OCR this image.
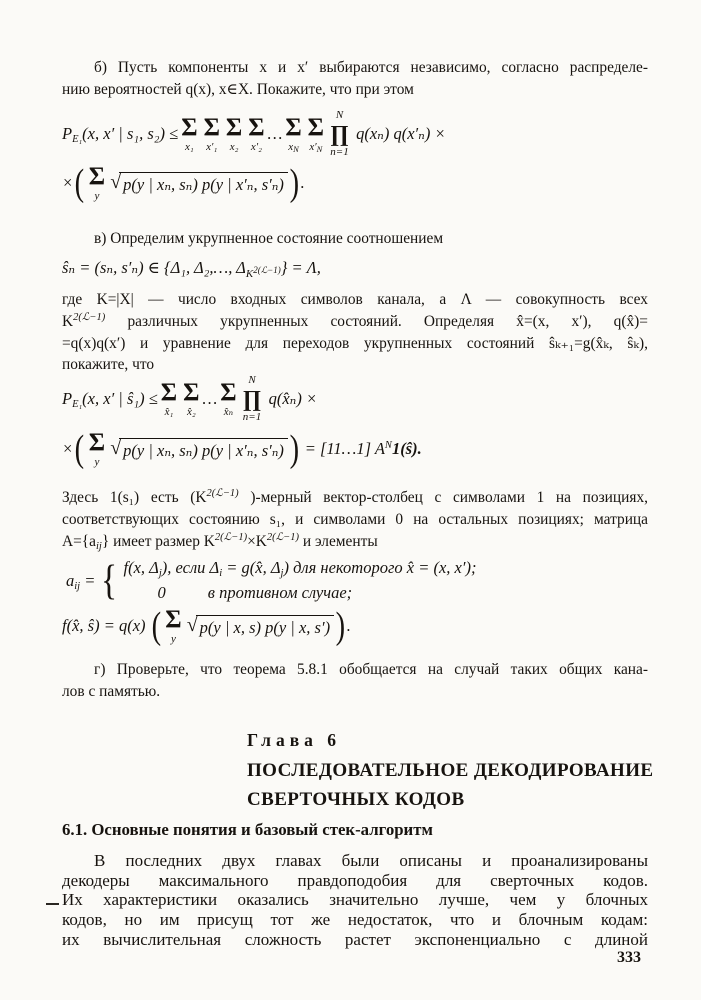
б) Пусть компоненты x и x′ выбираются независимо, согласно распределе-
нию вероятностей q(x), x∈X. Покажите, что при этом
$P_{E_1}(x$, x′ | s₁, s₂) ≤ Σ
x₁
Σ
x′₁
Σ
x₂
Σ
x′₂
… Σ
$x_N$
Σ
$x'_N$
N
∏
n=1
q(xₙ) q(x′ₙ) ×
× ( Σ
y
√ p(y | xₙ, sₙ) p(y | x′ₙ, s′ₙ) ) .
в) Определим укрупненное состояние соотношением
ŝₙ = (sₙ, s′ₙ) ∈ {Δ₁, Δ₂,…, $\Delta_{K^{2(ℒ-1)}}\} = \Lambda$,
где K=|X| — число входных символов канала, а Λ — совокупность всех
$K^{2(ℒ-1)}$ различных укрупненных состояний. Определяя x̂=(x, x′), q(x̂)=
=q(x)q(x′) и уравнение для переходов укрупненных состояний ŝₖ₊₁=g(x̂ₖ, ŝₖ),
покажите, что
$P_{E_1}(x$, x′ | ŝ₁) ≤ Σ
x̂₁
Σ
x̂₂
… Σ
x̂ₙ
N
∏
n=1
q(x̂ₙ) ×
× ( Σ
y
√ p(y | xₙ, sₙ) p(y | x′ₙ, s′ₙ) ) = [11…1] $A^N1(ŝ)$.
Здесь 1(s₁) есть ($K^{2(ℒ-1)}$ )-мерный вектор-столбец с символами 1 на позициях,
соответствующих состоянию s₁, и символами 0 на остальных позициях; матрица
$A=\{a_{ij}\}$ имеет размер $K^{2(ℒ-1)}\times K^{2(ℒ-1)}$ и элементы
$a_{ij}$ = { f(x, $\Delta_j$), если $\Delta_i$ = g(x̂, $\Delta_j$) для некоторого x̂ = (x, x′);
0	в противном случае;
f(x̂, ŝ) = q(x) ( Σ
y
√ p(y | x, s) p(y | x, s′) ) .
г) Проверьте, что теорема 5.8.1 обобщается на случай таких общих кана-
лов с памятью.
Глава 6
ПОСЛЕДОВАТЕЛЬНОЕ ДЕКОДИРОВАНИЕ
СВЕРТОЧНЫХ КОДОВ
6.1. Основные понятия и базовый стек-алгоритм
В последних двух главах были описаны и проанализированы
декодеры максимального правдоподобия для сверточных кодов.
Их характеристики оказались значительно лучше, чем у блочных
кодов, но им присущ тот же недостаток, что и блочным кодам:
их вычислительная сложность растет экспоненциально с длиной
333
